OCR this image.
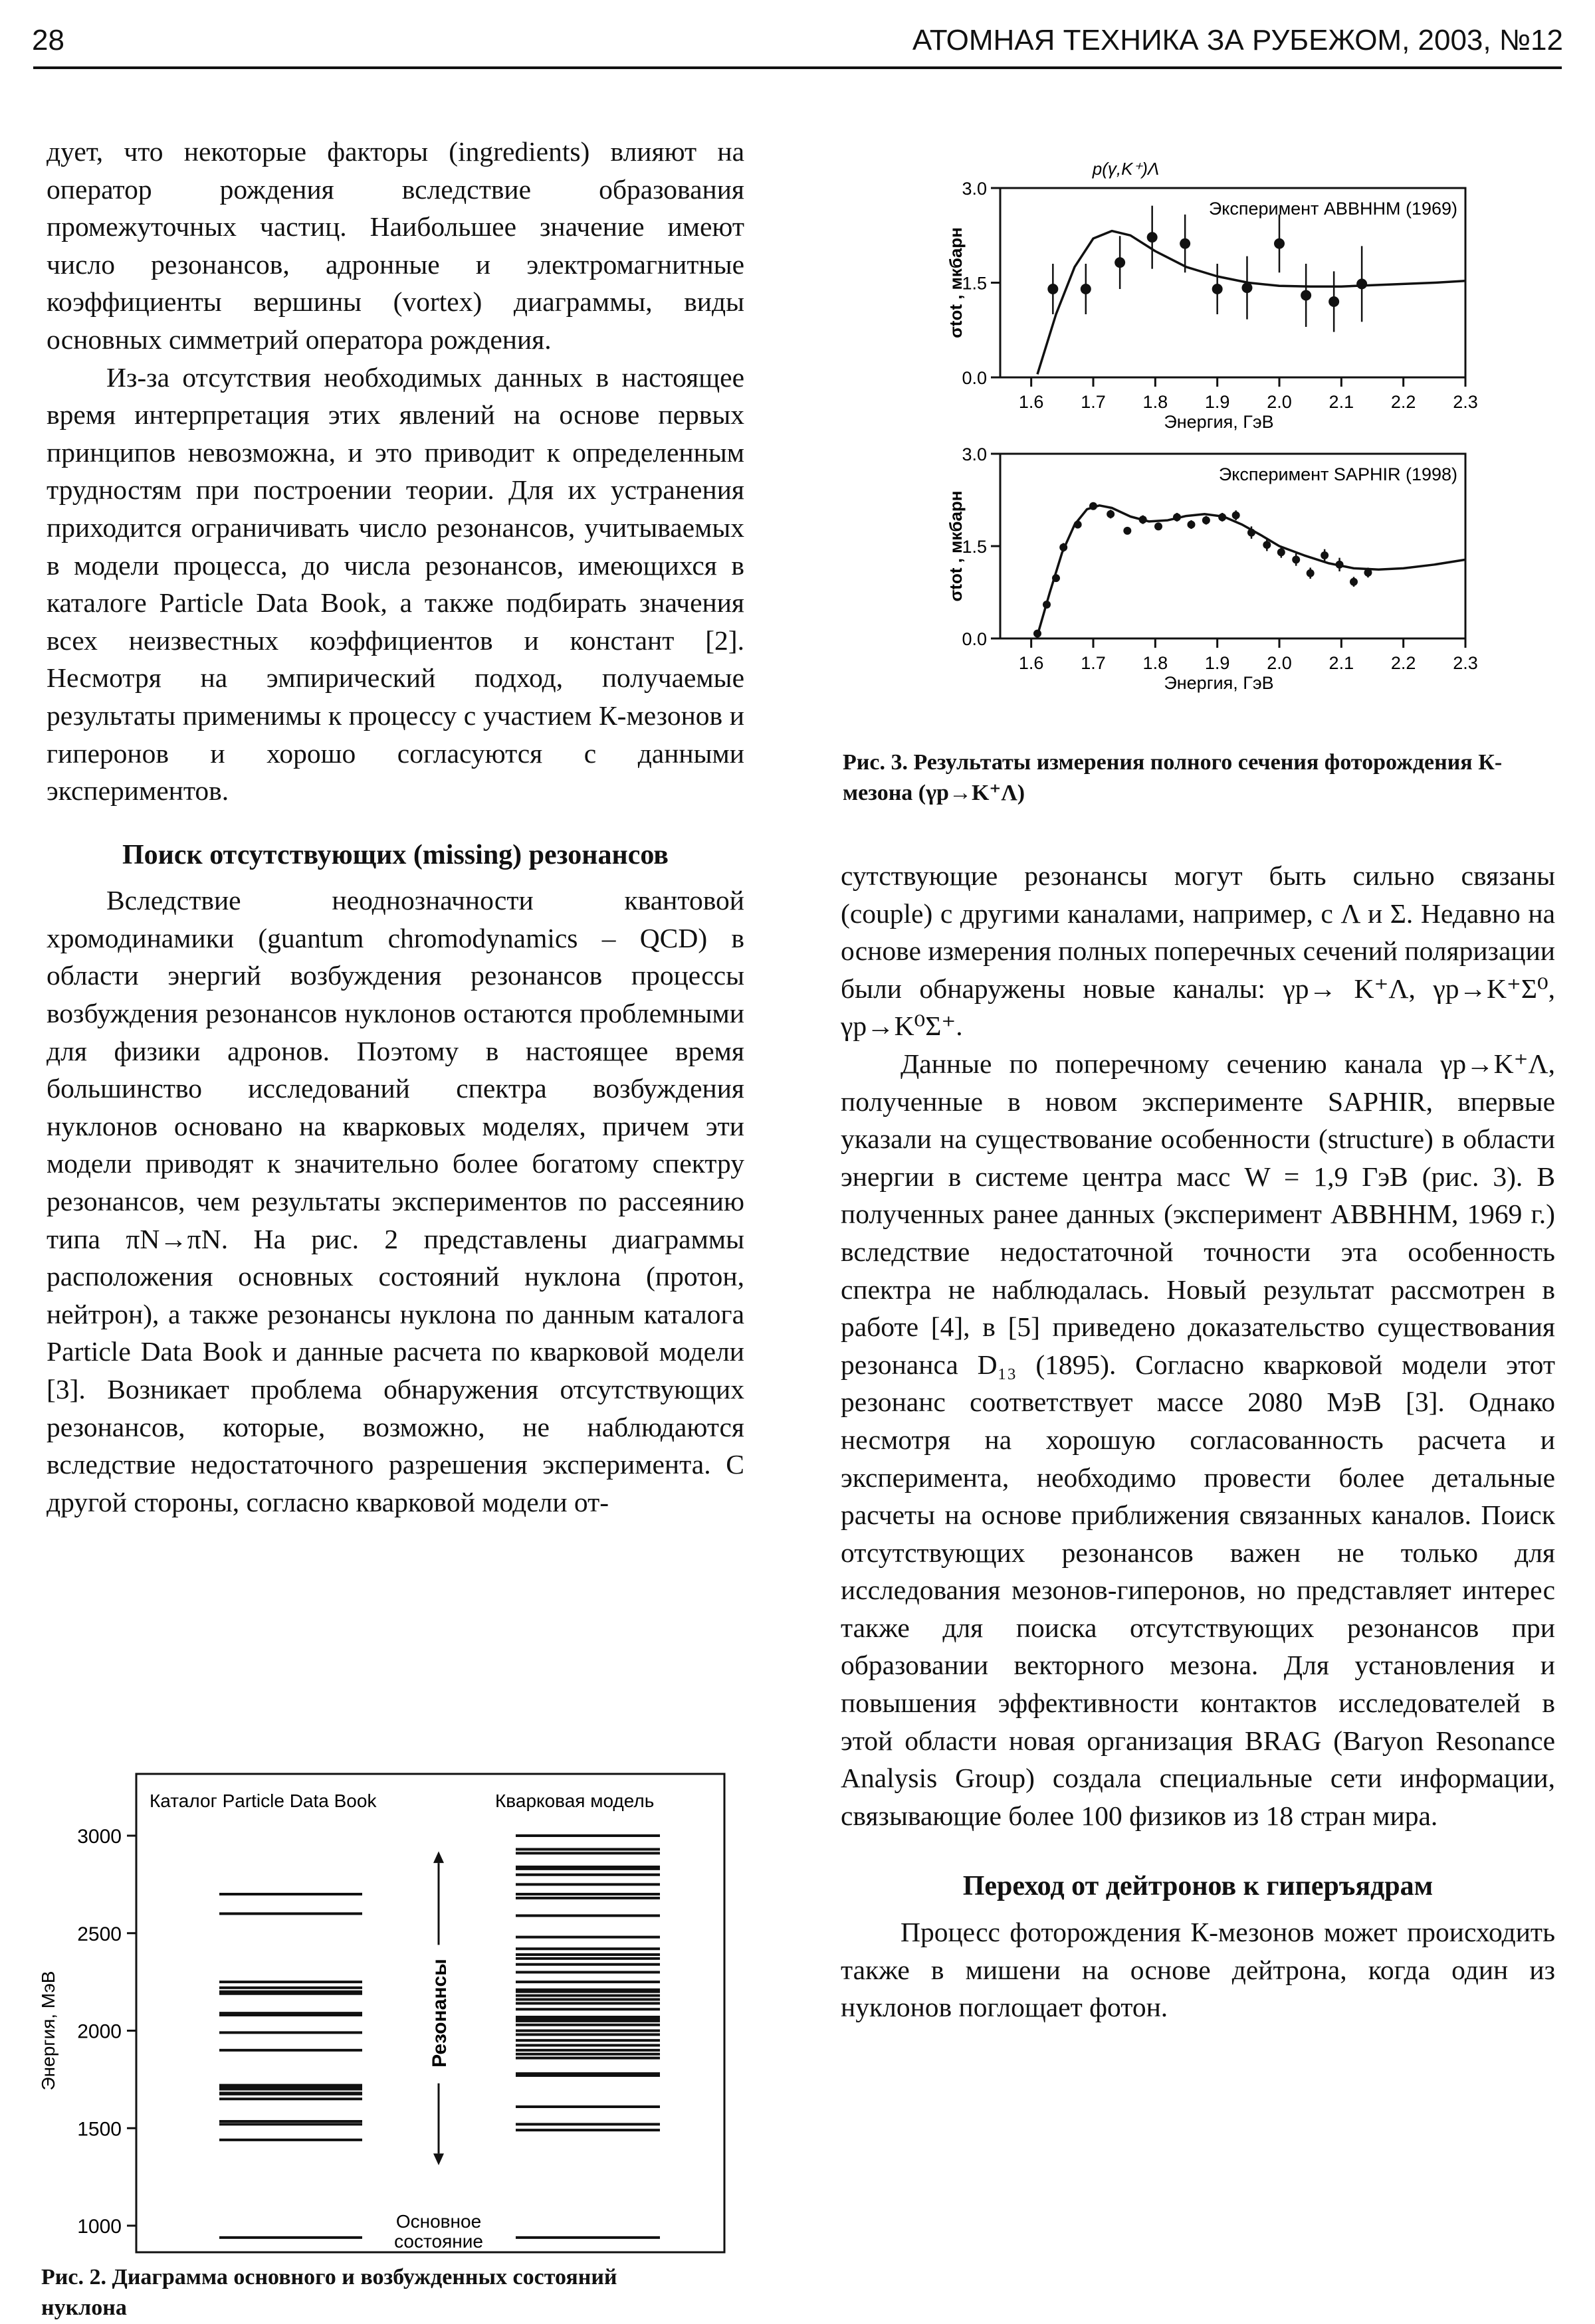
28	АТОМНАЯ ТЕХНИКА ЗА РУБЕЖОМ, 2003, №12

дует, что некоторые факторы (ingredients) влияют на оператор рождения вследствие образования промежуточных частиц. Наибольшее значение имеют число резонансов, адронные и электромагнитные коэффициенты вершины (vortex) диаграммы, виды основных симметрий оператора рождения.

Из-за отсутствия необходимых данных в настоящее время интерпретация этих явлений на основе первых принципов невозможна, и это приводит к определенным трудностям при построении теории. Для их устранения приходится ограничивать число резонансов, учитываемых в модели процесса, до числа резонансов, имеющихся в каталоге Particle Data Book, а также подбирать значения всех неизвестных коэффициентов и констант [2]. Несмотря на эмпирический подход, получаемые результаты применимы к процессу с участием К-мезонов и гиперонов и хорошо согласуются с данными экспериментов.

Поиск отсутствующих (missing) резонансов

Вследствие неоднозначности квантовой хромодинамики (guantum chromodynamics – QCD) в области энергий возбуждения резонансов процессы возбуждения резонансов нуклонов остаются проблемными для физики адронов. Поэтому в настоящее время большинство исследований спектра возбуждения нуклонов основано на кварковых моделях, причем эти модели приводят к значительно более богатому спектру резонансов, чем результаты экспериментов по рассеянию типа πN→πN. На рис. 2 представлены диаграммы расположения основных состояний нуклона (протон, нейтрон), а также резонансы нуклона по данным каталога Particle Data Book и данные расчета по кварковой модели [3]. Возникает проблема обнаружения отсутствующих резонансов, которые, возможно, не наблюдаются вследствие недостаточного разрешения эксперимента. С другой стороны, согласно кварковой модели от-

p(γ,K⁺)Λ
Эксперимент ABBHHM (1969)
0.0
1.5
3.0
1.6 1.7 1.8 1.9 2.0 2.1 2.2 2.3
Энергия, ГэВ
σtot , мкбарн
Эксперимент SAPHIR (1998)
0.0
1.5
3.0
1.6 1.7 1.8 1.9 2.0 2.1 2.2 2.3
Энергия, ГэВ
σtot , мкбарн
Рис. 3. Результаты измерения полного сечения фоторождения К-мезона (γp→K⁺Λ)

сутствующие резонансы могут быть сильно связаны (couple) с другими каналами, например, с Λ и Σ. Недавно на основе измерения полных поперечных сечений поляризации были обнаружены новые каналы: γp→ K⁺Λ, γp→K⁺Σ⁰, γp→K⁰Σ⁺.

Данные по поперечному сечению канала γp→K⁺Λ, полученные в новом эксперименте SAPHIR, впервые указали на существование особенности (structure) в области энергии в системе центра масс W = 1,9 ГэВ (рис. 3). В полученных ранее данных (эксперимент ABBHHM, 1969 г.) вследствие недостаточной точности эта особенность спектра не наблюдалась. Новый результат рассмотрен в работе [4], в [5] приведено доказательство существования резонанса D₁₃ (1895). Согласно кварковой модели этот резонанс соответствует массе 2080 МэВ [3]. Однако несмотря на хорошую согласованность расчета и эксперимента, необходимо провести более детальные расчеты на основе приближения связанных каналов. Поиск отсутствующих резонансов важен не только для исследования мезонов-гиперонов, но представляет интерес также для поиска отсутствующих резонансов при образовании векторного мезона. Для установления и повышения эффективности контактов исследователей в этой области новая организация BRAG (Baryon Resonance Analysis Group) создала специальные сети информации, связывающие более 100 физиков из 18 стран мира.

Переход от дейтронов к гиперъядрам

Процесс фоторождения К-мезонов может происходить также в мишени на основе дейтрона, когда один из нуклонов поглощает фотон.

1000
1500
2000
2500
3000
Энергия, МэВ
Каталог Particle Data Book	Кварковая модель
Резонансы
Основное
состояние
Рис. 2. Диаграмма основного и возбужденных состояний нуклона
